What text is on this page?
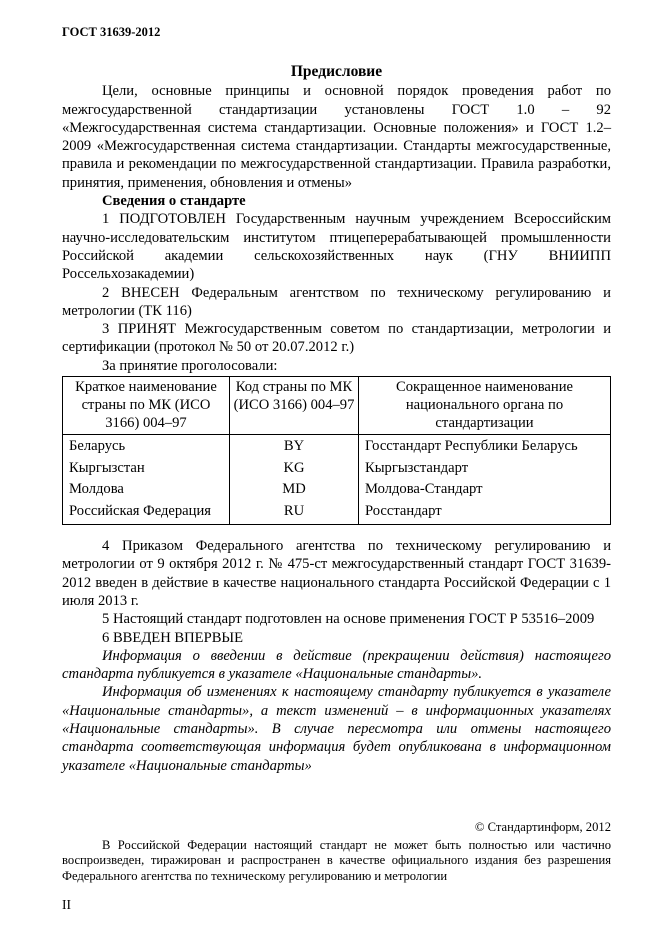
ГОСТ 31639-2012
Предисловие

Цели, основные принципы и основной порядок проведения работ по межгосударственной стандартизации установлены ГОСТ 1.0 – 92 «Межгосударственная система стандартизации. Основные положения» и ГОСТ 1.2–2009 «Межгосударственная система стандартизации. Стандарты межгосударственные, правила и рекомендации по межгосударственной стандартизации. Правила разработки, принятия, применения, обновления и отмены»

Сведения о стандарте

1 ПОДГОТОВЛЕН Государственным научным учреждением Всероссийским научно-исследовательским институтом птицеперерабатывающей промышленности Российской академии сельскохозяйственных наук (ГНУ ВНИИПП Россельхозакадемии)

2 ВНЕСЕН Федеральным агентством по техническому регулированию и метрологии (ТК 116)

3 ПРИНЯТ Межгосударственным советом по стандартизации, метрологии и сертификации (протокол № 50 от 20.07.2012 г.)

За принятие проголосовали:

Краткое наименование страны по МК (ИСО 3166) 004–97	Код страны по МК (ИСО 3166) 004–97	Сокращенное наименование национального органа по стандартизации
Беларусь	BY	Госстандарт Республики Беларусь
Кыргызстан	KG	Кыргызстандарт
Молдова	MD	Молдова-Стандарт
Российская Федерация	RU	Росстандарт

4 Приказом Федерального агентства по техническому регулированию и метрологии от 9 октября 2012 г. № 475-ст межгосударственный стандарт ГОСТ 31639-2012 введен в действие в качестве национального стандарта Российской Федерации с 1 июля 2013 г.

5 Настоящий стандарт подготовлен на основе применения ГОСТ Р 53516–2009

6 ВВЕДЕН ВПЕРВЫЕ

Информация о введении в действие (прекращении действия) настоящего стандарта публикуется в указателе «Национальные стандарты».

Информация об изменениях к настоящему стандарту публикуется в указателе «Национальные стандарты», а текст изменений – в информационных указателях «Национальные стандарты». В случае пересмотра или отмены настоящего стандарта соответствующая информация будет опубликована в информационном указателе «Национальные стандарты»

© Стандартинформ, 2012

В Российской Федерации настоящий стандарт не может быть полностью или частично воспроизведен, тиражирован и распространен в качестве официального издания без разрешения Федерального агентства по техническому регулированию и метрологии

II
